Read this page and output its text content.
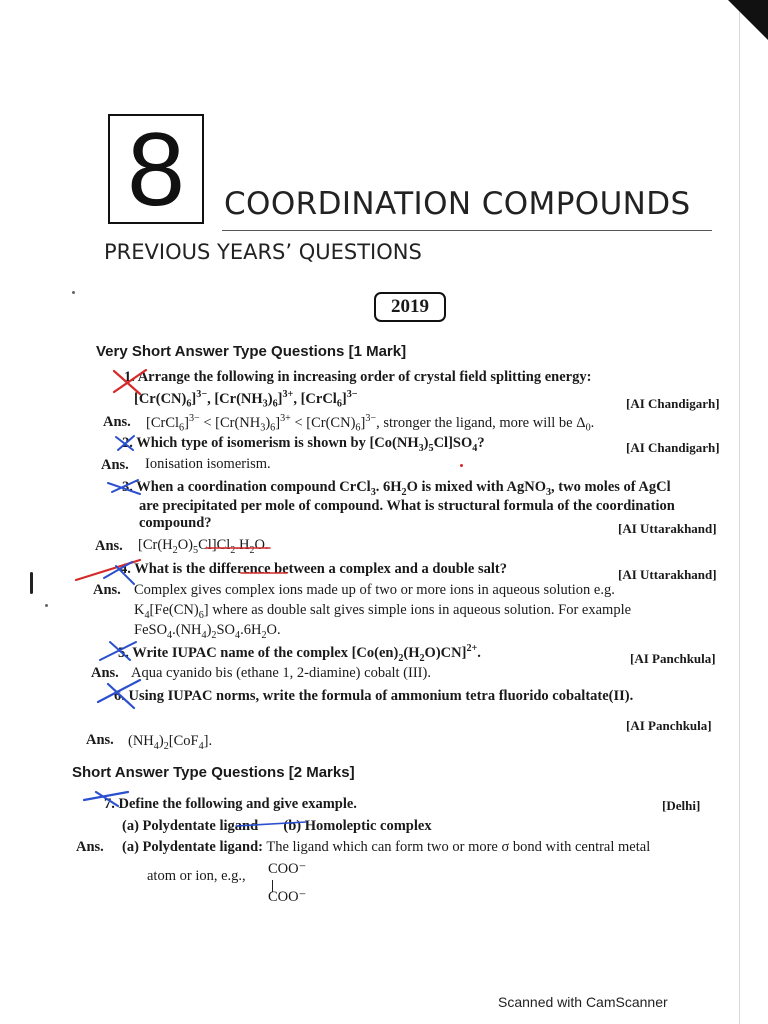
8	COORDINATION COMPOUNDS
PREVIOUS YEARS’ QUESTIONS
2019
Very Short Answer Type Questions [1 Mark]
1. Arrange the following in increasing order of crystal field splitting energy:
$[Cr(CN)_6]^{3-}$, $[Cr(NH_3)_6]^{3+}$, [CrCl$_6$]$^{3-}$
[AI Chandigarh]
Ans. [CrCl$_6$]$^{3-}$ < $[Cr(NH_3)_6]^{3+} < [Cr(CN)_6]^{3-}$, stronger the ligand, more will be $\Delta_0$.
2. Which type of isomerism is shown by $[Co(NH_3)_5Cl]SO_4$?	[AI Chandigarh]
Ans. Ionisation isomerism.
3. When a coordination compound CrCl$_3$. $6H_2O$ is mixed with AgNO$_3$, two moles of AgCl
are precipitated per mole of compound. What is structural formula of the coordination
compound?	[AI Uttarakhand]
Ans. $[Cr(H_2O)_5Cl]Cl_2.H_2O$.
4. What is the difference between a complex and a double salt?	[AI Uttarakhand]
Ans. Complex gives complex ions made up of two or more ions in aqueous solution e.g.
$K_4[Fe(CN)_6]$ where as double salt gives simple ions in aqueous solution. For example
$FeSO_4.(NH_4)_2SO_4.6H_2O$.
5. Write IUPAC name of the complex $[Co(en)_2(H_2O)CN]^{2+}$.	[AI Panchkula]
Ans. Aqua cyanido bis (ethane 1, 2-diamine) cobalt (III).
6. Using IUPAC norms, write the formula of ammonium tetra fluorido cobaltate(II).
[AI Panchkula]
Ans. $(NH_4)_2[CoF_4]$.
Short Answer Type Questions [2 Marks]
7. Define the following and give example.	[Delhi]
(a) Polydentate ligand (b) Homoleptic complex
Ans. (a) Polydentate ligand: The ligand which can form two or more σ bond with central metal
atom or ion, e.g., COO⁻
COO⁻
Scanned with CamScanner
